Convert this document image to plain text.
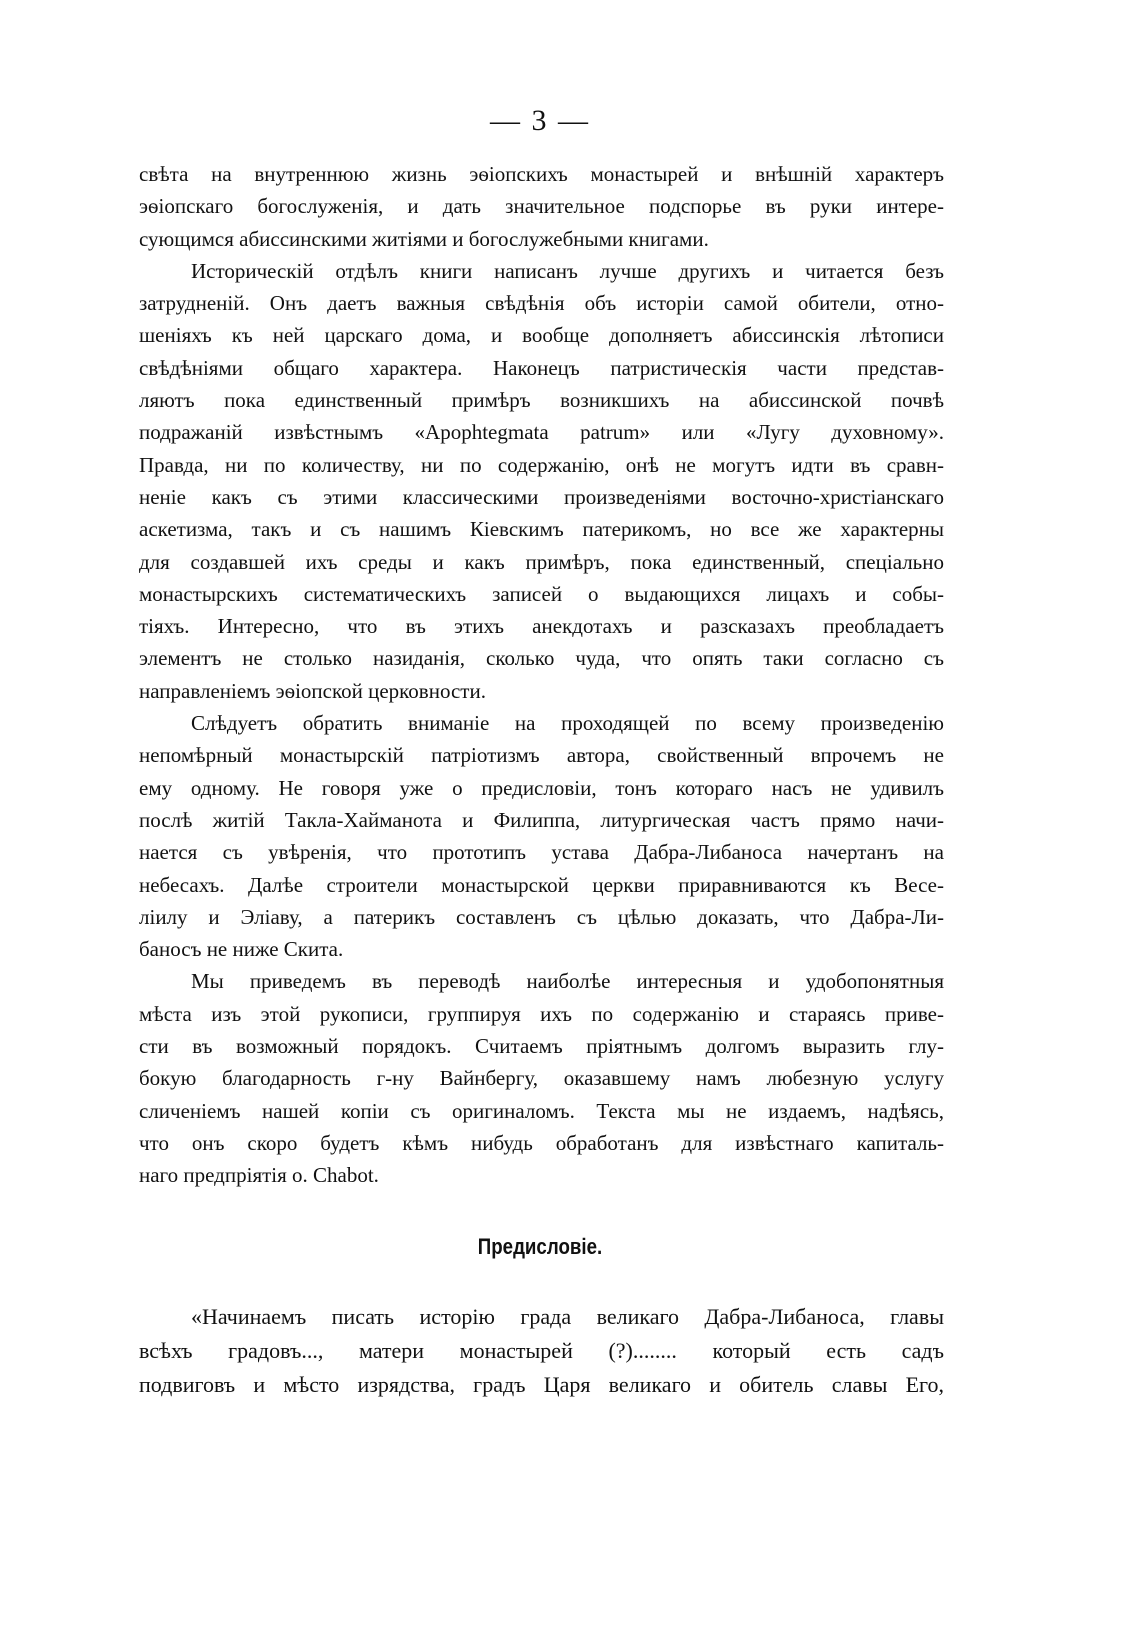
— 3 —
свѣта на внутреннюю жизнь эѳіопскихъ монастырей и внѣшній характеръ
эѳіопскаго богослуженія, и дать значительное подспорье въ руки интере-
сующимся абиссинскими житіями и богослужебными книгами.
Историческій отдѣлъ книги написанъ лучше другихъ и читается безъ
затрудненій. Онъ даетъ важныя свѣдѣнія объ исторіи самой обители, отно-
шеніяхъ къ ней царскаго дома, и вообще дополняетъ абиссинскія лѣтописи
свѣдѣніями общаго характера. Наконецъ патристическія части представ-
ляютъ пока единственный примѣръ возникшихъ на абиссинской почвѣ
подражаній извѣстнымъ «Apophtegmata patrum» или «Лугу духовному».
Правда, ни по количеству, ни по содержанію, онѣ не могутъ идти въ сравн-
неніе какъ съ этими классическими произведеніями восточно-христіанскаго
аскетизма, такъ и съ нашимъ Кіевскимъ патерикомъ, но все же характерны
для создавшей ихъ среды и какъ примѣръ, пока единственный, спеціально
монастырскихъ систематическихъ записей о выдающихся лицахъ и собы-
тіяхъ. Интересно, что въ этихъ анекдотахъ и разсказахъ преобладаетъ
элементъ не столько назиданія, сколько чуда, что опять таки согласно съ
направленіемъ эѳіопской церковности.
Слѣдуетъ обратить вниманіе на проходящей по всему произведенію
непомѣрный монастырскій патріотизмъ автора, свойственный впрочемъ не
ему одному. Не говоря уже о предисловіи, тонъ котораго насъ не удивилъ
послѣ житій Такла-Хайманота и Филиппа, литургическая частъ прямо начи-
нается съ увѣренія, что прототипъ устава Дабра-Либаноса начертанъ на
небесахъ. Далѣе строители монастырской церкви приравниваются къ Весе-
ліилу и Эліаву, а патерикъ составленъ съ цѣлью доказать, что Дабра-Ли-
баносъ не ниже Скита.
Мы приведемъ въ переводѣ наиболѣе интересныя и удобопонятныя
мѣста изъ этой рукописи, группируя ихъ по содержанію и стараясь приве-
сти въ возможный порядокъ. Считаемъ пріятнымъ долгомъ выразить глу-
бокую благодарность г-ну Вайнбергу, оказавшему намъ любезную услугу
сличеніемъ нашей копіи съ оригиналомъ. Текста мы не издаемъ, надѣясь,
что онъ скоро будетъ кѣмъ нибудь обработанъ для извѣстнаго капиталь-
наго предпріятія о. Chabot.
Предисловіе.
«Начинаемъ писать исторію града великаго Дабра-Либаноса, главы
всѣхъ градовъ..., матери монастырей (?)........ который есть садъ
подвиговъ и мѣсто изрядства, градъ Царя великаго и обитель славы Его,
